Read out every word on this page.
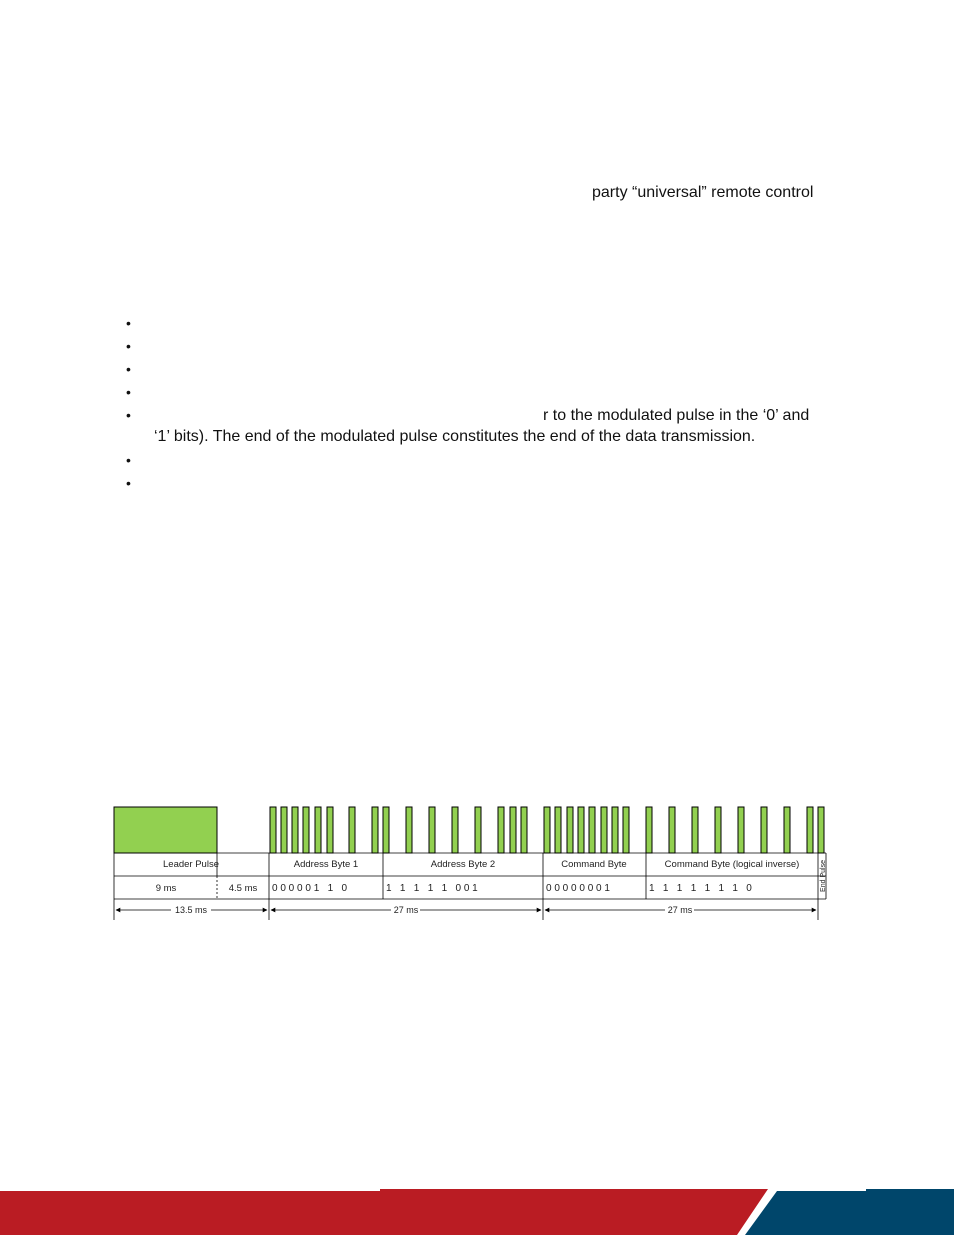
party “universal” remote control
•
•
•
•
•	r to the modulated pulse in the ‘0’ and
‘1’ bits). The end of the modulated pulse constitutes the end of the data transmission.
•
•
Leader Pulse	Address Byte 1	Address Byte 2	Command Byte	Command Byte (logical inverse)	End Pulse
9 ms	4.5 ms 0 0 0 0 0 1   1   0	1   1   1   1   1   0 0 1	0 0 0 0 0 0 0 1	1   1   1   1   1   1   1   0
13.5 ms	27 ms	27 ms
